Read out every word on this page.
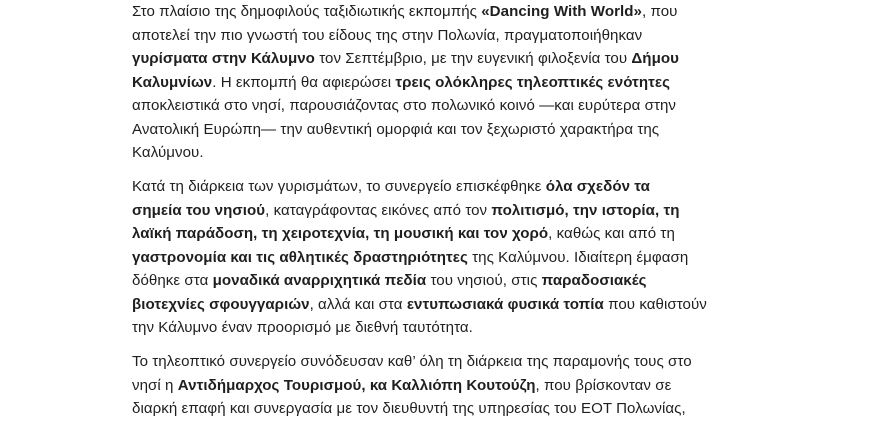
Στο πλαίσιο της δημοφιλούς ταξιδιωτικής εκπομπής «Dancing With World», που
αποτελεί την πιο γνωστή του είδους της στην Πολωνία, πραγματοποιήθηκαν
γυρίσματα στην Κάλυμνο τον Σεπτέμβριο, με την ευγενική φιλοξενία του Δήμου
Καλυμνίων. Η εκπομπή θα αφιερώσει τρεις ολόκληρες τηλεοπτικές ενότητες
αποκλειστικά στο νησί, παρουσιάζοντας στο πολωνικό κοινό —και ευρύτερα στην
Ανατολική Ευρώπη— την αυθεντική ομορφιά και τον ξεχωριστό χαρακτήρα της
Καλύμνου.
Κατά τη διάρκεια των γυρισμάτων, το συνεργείο επισκέφθηκε όλα σχεδόν τα
σημεία του νησιού, καταγράφοντας εικόνες από τον πολιτισμό, την ιστορία, τη
λαϊκή παράδοση, τη χειροτεχνία, τη μουσική και τον χορό, καθώς και από τη
γαστρονομία και τις αθλητικές δραστηριότητες της Καλύμνου. Ιδιαίτερη έμφαση
δόθηκε στα μοναδικά αναρριχητικά πεδία του νησιού, στις παραδοσιακές
βιοτεχνίες σφουγγαριών, αλλά και στα εντυπωσιακά φυσικά τοπία που καθιστούν
την Κάλυμνο έναν προορισμό με διεθνή ταυτότητα.
Το τηλεοπτικό συνεργείο συνόδευσαν καθ’ όλη τη διάρκεια της παραμονής τους στο
νησί η Αντιδήμαρχος Τουρισμού, κα Καλλιόπη Κουτούζη, που βρίσκονταν σε
διαρκή επαφή και συνεργασία με τον διευθυντή της υπηρεσίας του ΕΟΤ Πολωνίας,
